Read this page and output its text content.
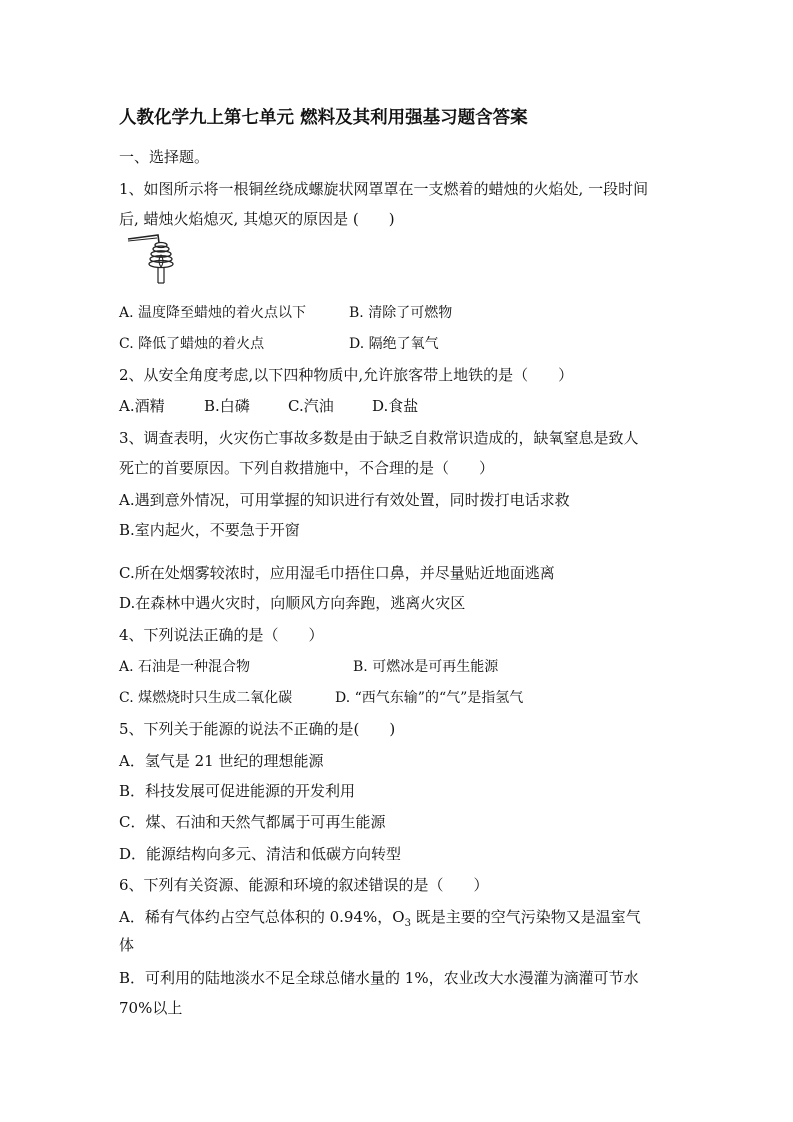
人教化学九上第七单元 燃料及其利用强基习题含答案
一、选择题。
1、如图所示将一根铜丝绕成螺旋状网罩罩在一支燃着的蜡烛的火焰处, 一段时间
后, 蜡烛火焰熄灭, 其熄灭的原因是 (　　)
A. 温度降至蜡烛的着火点以下	B. 清除了可燃物
C. 降低了蜡烛的着火点	D. 隔绝了氧气
2、从安全角度考虑,以下四种物质中,允许旅客带上地铁的是（　　）
A.酒精	B.白磷	C.汽油	D.食盐
3、调查表明，火灾伤亡事故多数是由于缺乏自救常识造成的，缺氧窒息是致人
死亡的首要原因。下列自救措施中，不合理的是（　　）
A.遇到意外情况，可用掌握的知识进行有效处置，同时拨打电话求救
B.室内起火，不要急于开窗
C.所在处烟雾较浓时，应用湿毛巾捂住口鼻，并尽量贴近地面逃离
D.在森林中遇火灾时，向顺风方向奔跑，逃离火灾区
4、下列说法正确的是（　　）
A. 石油是一种混合物	B. 可燃冰是可再生能源
C. 煤燃烧时只生成二氧化碳	D. “西气东输”的“气”是指氢气
5、下列关于能源的说法不正确的是(　　)
A．氢气是 21 世纪的理想能源
B．科技发展可促进能源的开发利用
C．煤、石油和天然气都属于可再生能源
D．能源结构向多元、清洁和低碳方向转型
6、下列有关资源、能源和环境的叙述错误的是（　　）
A．稀有气体约占空气总体积的 0.94%，$O_3$ 既是主要的空气污染物又是温室气
体
B．可利用的陆地淡水不足全球总储水量的 1%，农业改大水漫灌为滴灌可节水
70%以上
